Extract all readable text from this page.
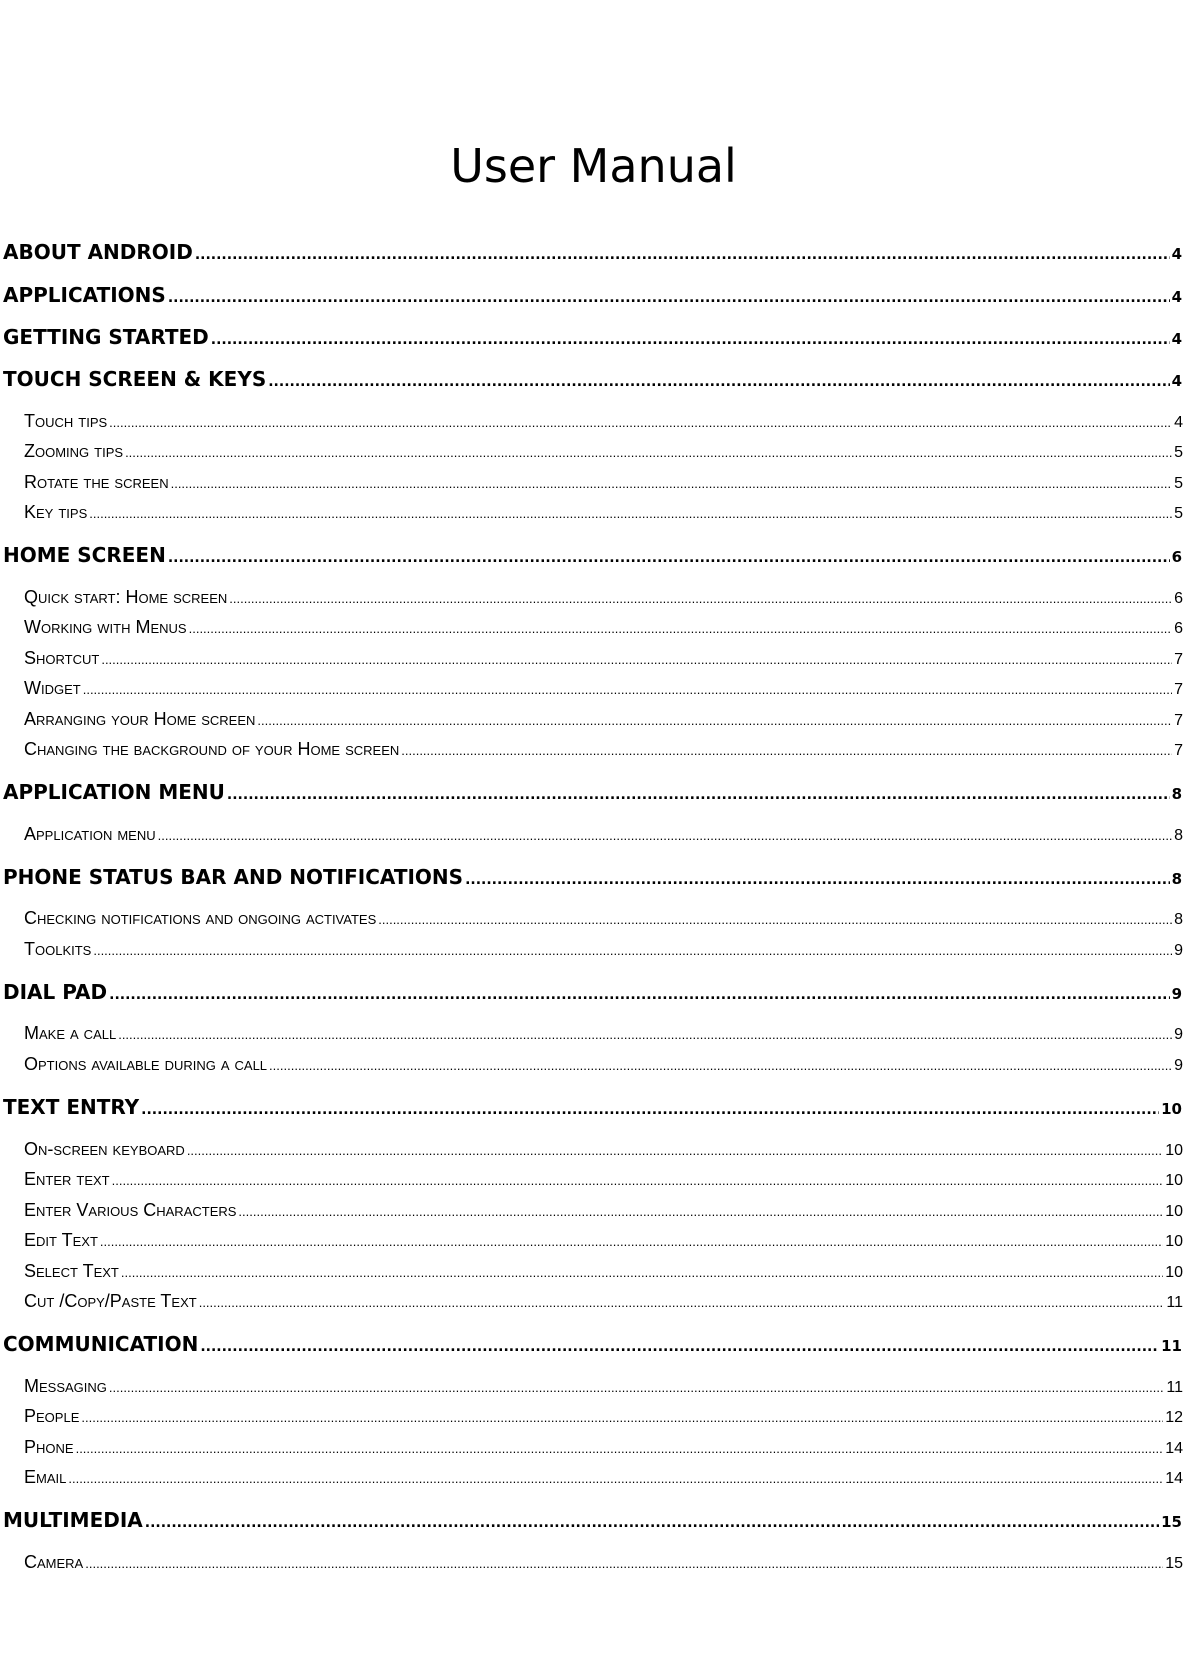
User Manual
ABOUT ANDROID .....	4
APPLICATIONS .....	4
GETTING STARTED .....	4
TOUCH SCREEN & KEYS .....	4
Touch tips .....	4
Zooming tips .....	5
Rotate the screen .....	5
Key tips .....	5
HOME SCREEN .....	6
Quick start: Home screen .....	6
Working with Menus .....	6
Shortcut .....	7
Widget .....	7
Arranging your Home screen .....	7
Changing the background of your Home screen .....	7
APPLICATION MENU .....	8
Application menu .....	8
PHONE STATUS BAR AND NOTIFICATIONS .....	8
Checking notifications and ongoing activates .....	8
Toolkits .....	9
DIAL PAD .....	9
Make a call .....	9
Options available during a call .....	9
TEXT ENTRY .....	10
On-screen keyboard .....	10
Enter text .....	10
Enter Various Characters .....	10
Edit Text .....	10
Select Text .....	10
Cut /Copy/Paste Text .....	11
COMMUNICATION .....	11
Messaging .....	11
People .....	12
Phone .....	14
Email .....	14
MULTIMEDIA .....	15
Camera .....	15
